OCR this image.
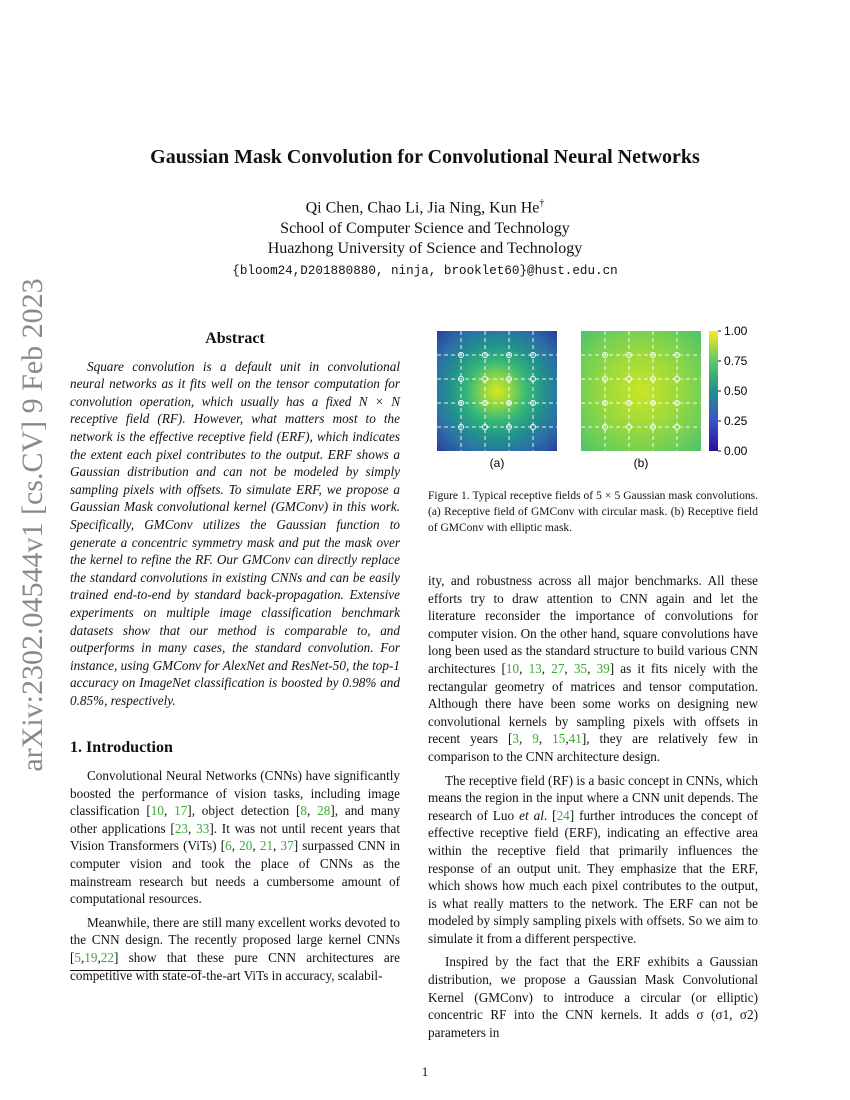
arXiv:2302.04544v1 [cs.CV] 9 Feb 2023
Gaussian Mask Convolution for Convolutional Neural Networks
Qi Chen, Chao Li, Jia Ning, Kun He†
School of Computer Science and Technology
Huazhong University of Science and Technology
{bloom24,D201880880, ninja, brooklet60}@hust.edu.cn
Abstract

Square convolution is a default unit in convolutional neural networks as it fits well on the tensor computation for convolution operation, which usually has a fixed N × N receptive field (RF). However, what matters most to the network is the effective receptive field (ERF), which indicates the extent each pixel contributes to the output. ERF shows a Gaussian distribution and can not be modeled by simply sampling pixels with offsets. To simulate ERF, we propose a Gaussian Mask convolutional kernel (GMConv) in this work. Specifically, GMConv utilizes the Gaussian function to generate a concentric symmetry mask and put the mask over the kernel to refine the RF. Our GMConv can directly replace the standard convolutions in existing CNNs and can be easily trained end-to-end by standard back-propagation. Extensive experiments on multiple image classification benchmark datasets show that our method is comparable to, and outperforms in many cases, the standard convolution. For instance, using GMConv for AlexNet and ResNet-50, the top-1 accuracy on ImageNet classification is boosted by 0.98% and 0.85%, respectively.

1. Introduction

Convolutional Neural Networks (CNNs) have significantly boosted the performance of vision tasks, including image classification [10, 17], object detection [8, 28], and many other applications [23, 33]. It was not until recent years that Vision Transformers (ViTs) [6, 20, 21, 37] surpassed CNN in computer vision and took the place of CNNs as the mainstream research but needs a cumbersome amount of computational resources.

Meanwhile, there are still many excellent works devoted to the CNN design. The recently proposed large kernel CNNs [5,19,22] show that these pure CNN architectures are competitive with state-of-the-art ViTs in accuracy, scalabil-

(a)	(b)
1.00
0.75
0.50
0.25
0.00
Figure 1. Typical receptive fields of 5 × 5 Gaussian mask convolutions. (a) Receptive field of GMConv with circular mask. (b) Receptive field of GMConv with elliptic mask.

ity, and robustness across all major benchmarks. All these efforts try to draw attention to CNN again and let the literature reconsider the importance of convolutions for computer vision. On the other hand, square convolutions have long been used as the standard structure to build various CNN architectures [10, 13, 27, 35, 39] as it fits nicely with the rectangular geometry of matrices and tensor computation. Although there have been some works on designing new convolutional kernels by sampling pixels with offsets in recent years [3, 9, 15,41], they are relatively few in comparison to the CNN architecture design.

The receptive field (RF) is a basic concept in CNNs, which means the region in the input where a CNN unit depends. The research of Luo et al. [24] further introduces the concept of effective receptive field (ERF), indicating an effective area within the receptive field that primarily influences the response of an output unit. They emphasize that the ERF, which shows how much each pixel contributes to the output, is what really matters to the network. The ERF can not be modeled by simply sampling pixels with offsets. So we aim to simulate it from a different perspective.

Inspired by the fact that the ERF exhibits a Gaussian distribution, we propose a Gaussian Mask Convolutional Kernel (GMConv) to introduce a circular (or elliptic) concentric RF into the CNN kernels. It adds σ (σ1, σ2) parameters in

1
